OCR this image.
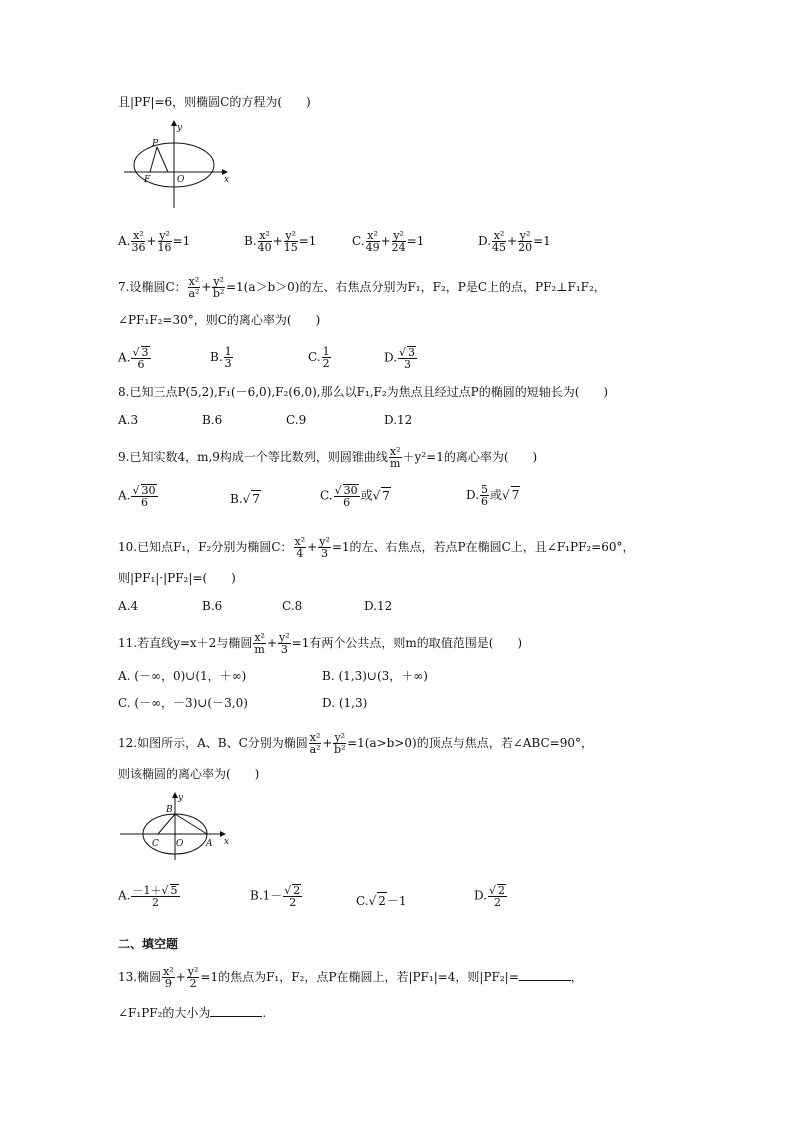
且|PF|=6，则椭圆C的方程为(　　)
P
F	O	x
y
A. $\frac{\text{x²}}{36} + \frac{\text{y²}}{16} =1$	B. $\frac{\text{x²}}{40} + \frac{\text{y²}}{15} =1$	C. $\frac{\text{x²}}{49} + \frac{\text{y²}}{24} =1$	D. $\frac{\text{x²}}{45} + \frac{\text{y²}}{20} =1$
7.设椭圆C： $\frac{\text{x²}}{\text{a²}} + \frac{\text{y²}}{\text{b²}} =1(a>b>0)$的左、右焦点分别为F₁，F₂，P是C上的点，PF₂⊥F₁F₂，
∠PF₁F₂=30°，则C的离心率为(　　)
A. $\frac{√ 3}{6}$	B. $\frac{1}{3}$	C. $\frac{1}{2}$	D. $\frac{√ 3}{3}$
8.已知三点P(5,2),F₁(－6,0),F₂(6,0),那么以F₁,F₂为焦点且经过点P的椭圆的短轴长为(　　)
A.3	B.6	C.9	D.12
9.已知实数4，m,9构成一个等比数列，则圆锥曲线 $\frac{\text{x²}}{m} +y^2=1$的离心率为(　　)
A. $\frac{√ 30}{6}$	B.√ 7	C. $\frac{√ 30}{6}$ 或√ 7	D. $\frac{5}{6}$ 或√ 7
10.已知点F₁，F₂分别为椭圆C： $\frac{\text{x²}}{4} + \frac{\text{y²}}{3} =1$的左、右焦点，若点P在椭圆C上，且∠F₁PF₂=60°，
则|PF₁|·|PF₂|=(　　)
A.4	B.6	C.8	D.12
11.若直线y=x＋2与椭圆 $\frac{\text{x²}}{m} + \frac{\text{y²}}{3} =1$有两个公共点，则m的取值范围是(　　)
A. (－∞，0)∪(1，＋∞)	B. (1,3)∪(3，＋∞)
C. (－∞，－3)∪(－3,0)	D. (1,3)
12.如图所示，A、B、C分别为椭圆 $\frac{\text{x²}}{\text{a²}} + \frac{\text{y²}}{\text{b²}} =1(a>b>0)$的顶点与焦点，若∠ABC=90°，
则该椭圆的离心率为(　　)
B
C O	A x
y
A. $\frac{-1+√ 5}{2}$	$B.1- \frac{√ 2}{2}$	C.√ 2－1	D. $\frac{√ 2}{2}$
二、填空题
13.椭圆 $\frac{\text{x²}}{9} + \frac{\text{y²}}{2} =1$的焦点为F₁，F₂，点P在椭圆上，若|PF₁|=4，则|PF₂|=	，
∠F₁PF₂的大小为	.
